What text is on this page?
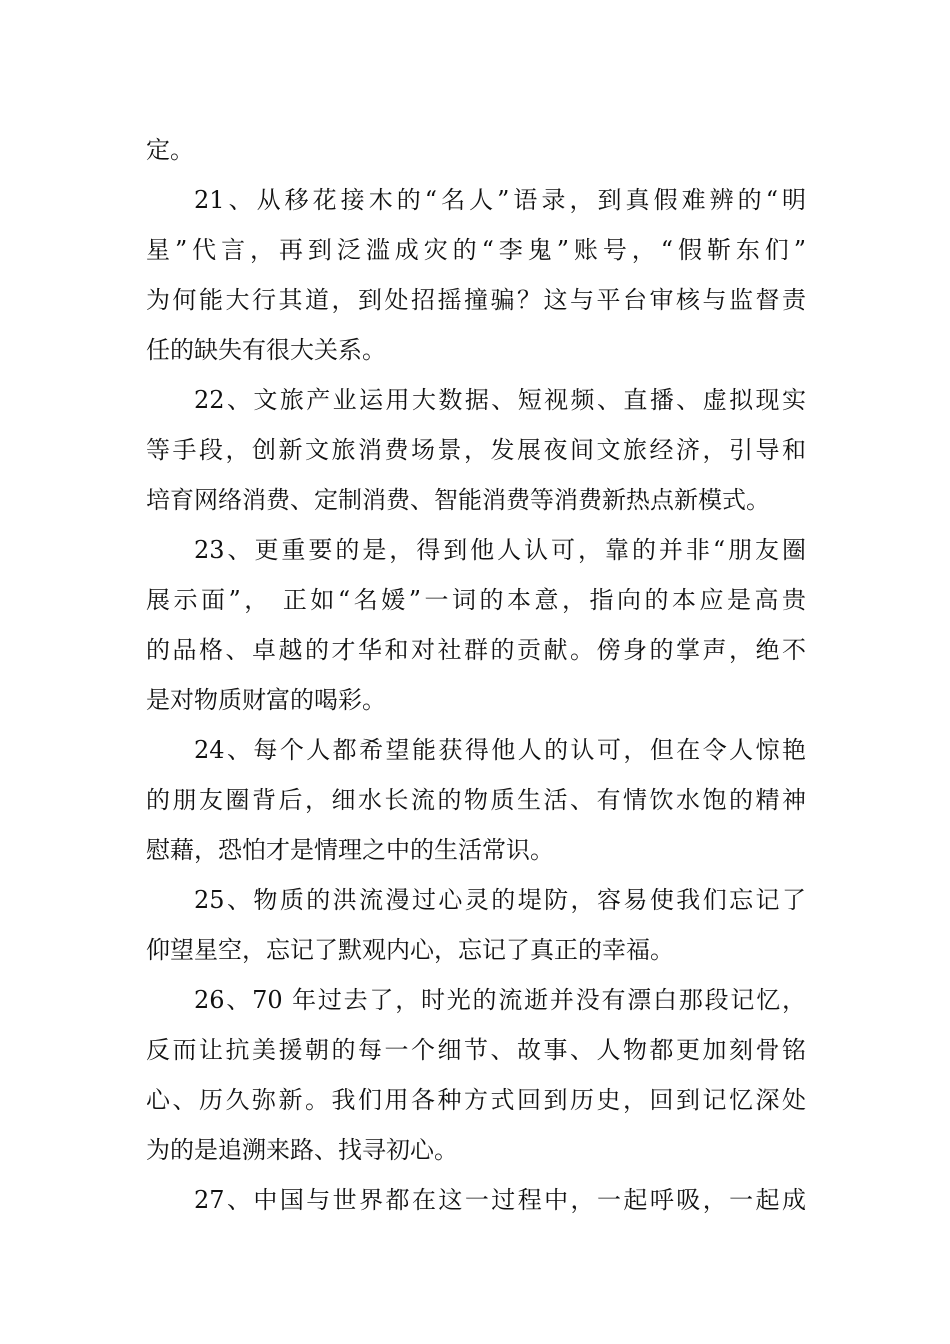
定。
21、从移花接木的“名人”语录，到真假难辨的“明
星”代言，再到泛滥成灾的“李鬼”账号，“假靳东们”
为何能大行其道，到处招摇撞骗？这与平台审核与监督责
任的缺失有很大关系。
22、文旅产业运用大数据、短视频、直播、虚拟现实
等手段，创新文旅消费场景，发展夜间文旅经济，引导和
培育网络消费、定制消费、智能消费等消费新热点新模式。
23、更重要的是，得到他人认可，靠的并非“朋友圈
展示面”， 正如“名媛”一词的本意，指向的本应是高贵
的品格、卓越的才华和对社群的贡献。傍身的掌声，绝不
是对物质财富的喝彩。
24、每个人都希望能获得他人的认可，但在令人惊艳
的朋友圈背后，细水长流的物质生活、有情饮水饱的精神
慰藉，恐怕才是情理之中的生活常识。
25、物质的洪流漫过心灵的堤防，容易使我们忘记了
仰望星空，忘记了默观内心，忘记了真正的幸福。
26、70 年过去了，时光的流逝并没有漂白那段记忆，
反而让抗美援朝的每一个细节、故事、人物都更加刻骨铭
心、历久弥新。我们用各种方式回到历史，回到记忆深处
为的是追溯来路、找寻初心。
27、中国与世界都在这一过程中，一起呼吸，一起成
